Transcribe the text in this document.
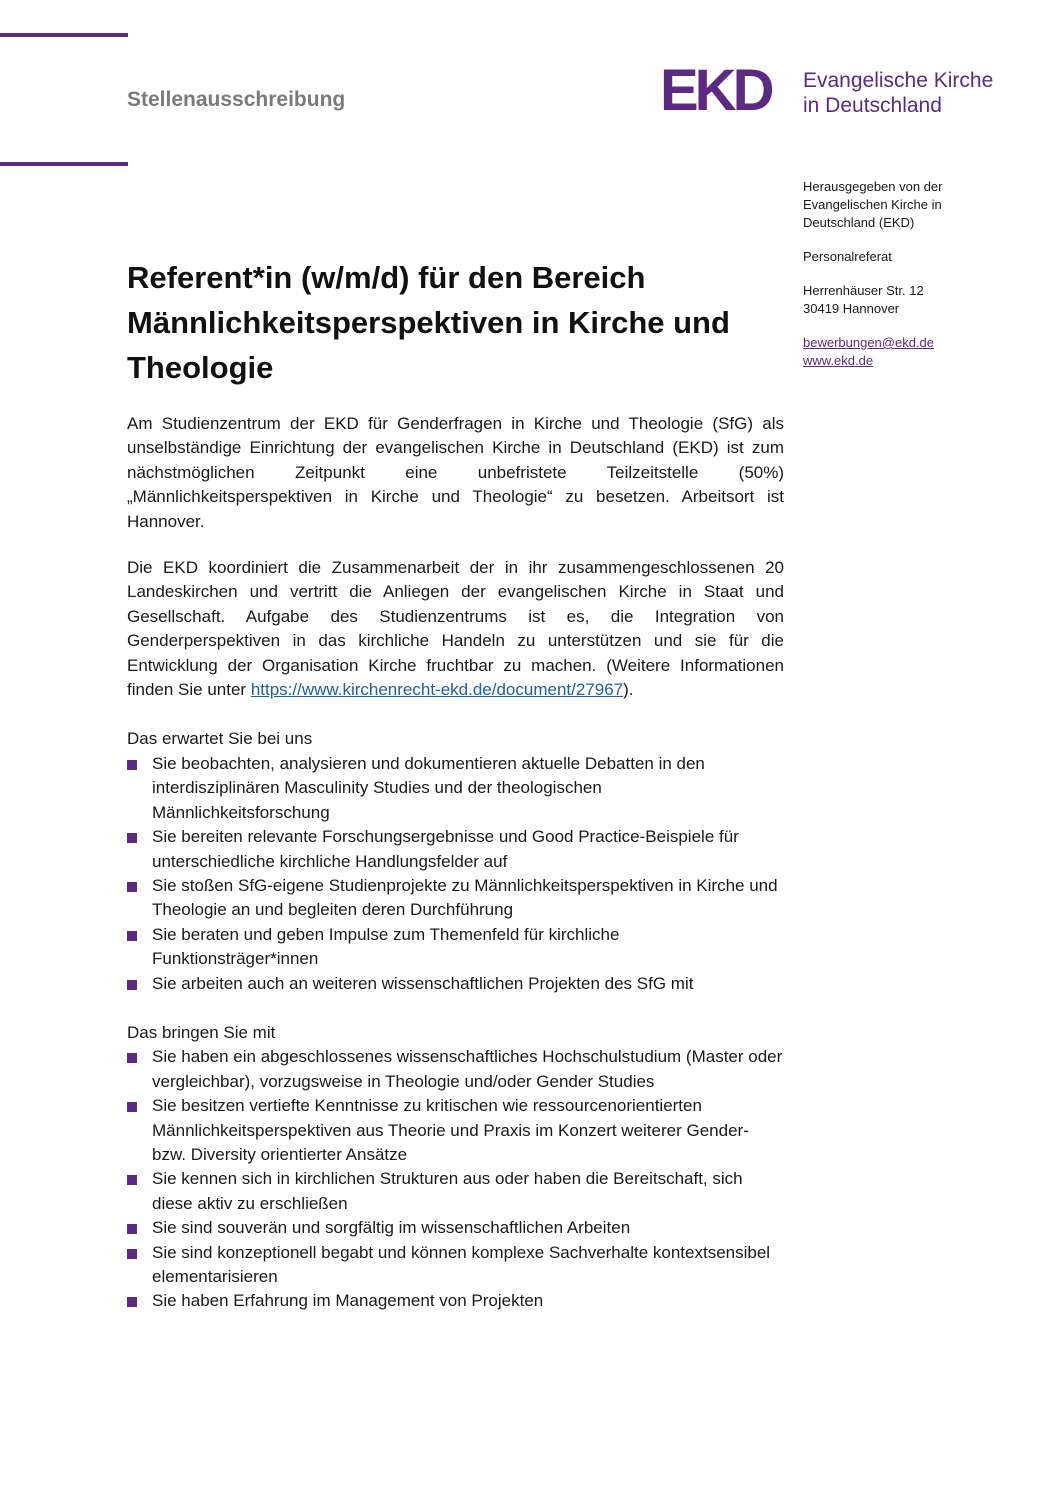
Stellenausschreibung	EKD Evangelische Kirche
in Deutschland

Herausgegeben von der
Evangelischen Kirche in
Deutschland (EKD)

Personalreferat

Herrenhäuser Str. 12
30419 Hannover

bewerbungen@ekd.de
www.ekd.de

Referent*in (w/m/d) für den Bereich Männlichkeitsperspektiven in Kirche und Theologie

Am Studienzentrum der EKD für Genderfragen in Kirche und Theologie (SfG) als unselbständige Einrichtung der evangelischen Kirche in Deutschland (EKD) ist zum nächstmöglichen Zeitpunkt eine unbefristete Teilzeitstelle (50%) „Männlichkeitsperspektiven in Kirche und Theologie“ zu besetzen. Arbeitsort ist Hannover.

Die EKD koordiniert die Zusammenarbeit der in ihr zusammengeschlossenen 20 Landeskirchen und vertritt die Anliegen der evangelischen Kirche in Staat und Gesellschaft. Aufgabe des Studienzentrums ist es, die Integration von Genderperspektiven in das kirchliche Handeln zu unterstützen und sie für die Entwicklung der Organisation Kirche fruchtbar zu machen. (Weitere Informationen finden Sie unter https://www.kirchenrecht-ekd.de/document/27967).

Das erwartet Sie bei uns
Sie beobachten, analysieren und dokumentieren aktuelle Debatten in den interdisziplinären Masculinity Studies und der theologischen Männlichkeitsforschung
Sie bereiten relevante Forschungsergebnisse und Good Practice-Beispiele für unterschiedliche kirchliche Handlungsfelder auf
Sie stoßen SfG-eigene Studienprojekte zu Männlichkeitsperspektiven in Kirche und Theologie an und begleiten deren Durchführung
Sie beraten und geben Impulse zum Themenfeld für kirchliche Funktionsträger*innen
Sie arbeiten auch an weiteren wissenschaftlichen Projekten des SfG mit
Das bringen Sie mit
Sie haben ein abgeschlossenes wissenschaftliches Hochschulstudium (Master oder vergleichbar), vorzugsweise in Theologie und/oder Gender Studies
Sie besitzen vertiefte Kenntnisse zu kritischen wie ressourcenorientierten Männlichkeitsperspektiven aus Theorie und Praxis im Konzert weiterer Gender- bzw. Diversity orientierter Ansätze
Sie kennen sich in kirchlichen Strukturen aus oder haben die Bereitschaft, sich diese aktiv zu erschließen
Sie sind souverän und sorgfältig im wissenschaftlichen Arbeiten
Sie sind konzeptionell begabt und können komplexe Sachverhalte kontextsensibel elementarisieren
Sie haben Erfahrung im Management von Projekten
